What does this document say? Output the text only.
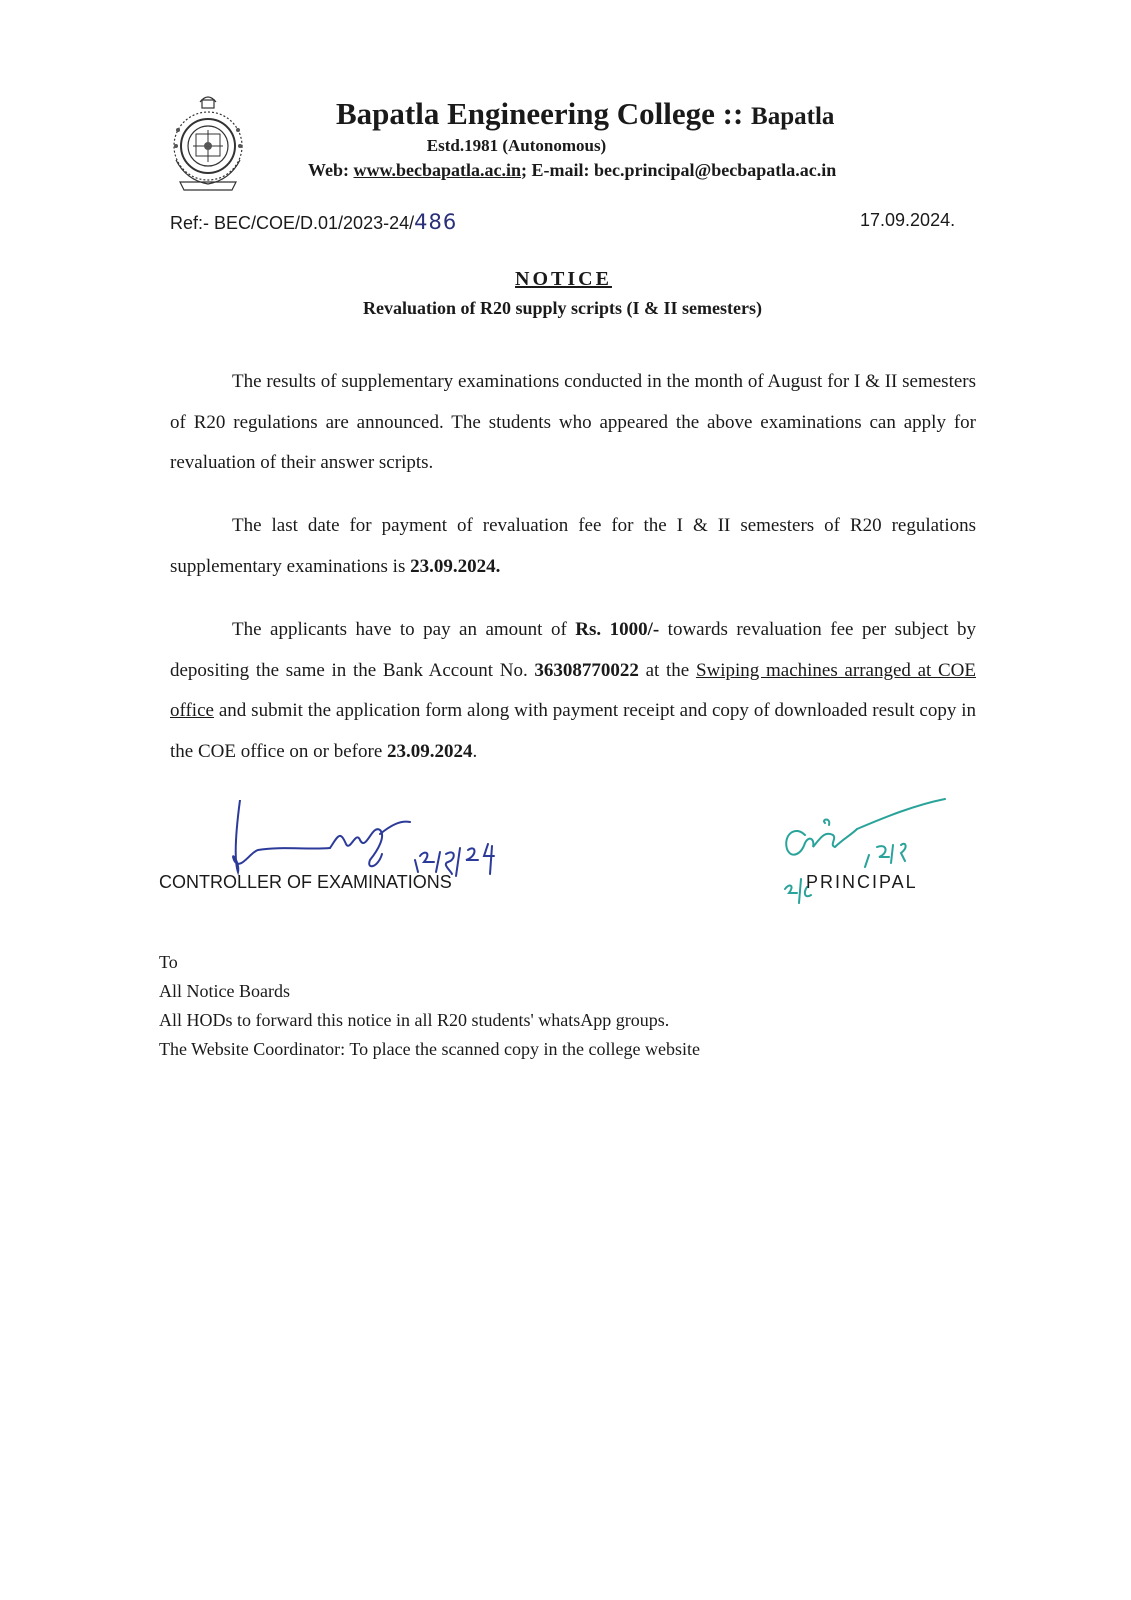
Bapatla Engineering College :: Bapatla
Estd.1981 (Autonomous)
Web: www.becbapatla.ac.in; E-mail: bec.principal@becbapatla.ac.in
Ref:- BEC/COE/D.01/2023-24/486	17.09.2024.
NOTICE
Revaluation of R20 supply scripts (I & II semesters)
The results of supplementary examinations conducted in the month of August for I & II semesters of R20 regulations are announced. The students who appeared the above examinations can apply for revaluation of their answer scripts.
The last date for payment of revaluation fee for the I & II semesters of R20 regulations supplementary examinations is 23.09.2024.
The applicants have to pay an amount of Rs. 1000/- towards revaluation fee per subject by depositing the same in the Bank Account No. 36308770022 at the Swiping machines arranged at COE office and submit the application form along with payment receipt and copy of downloaded result copy in the COE office on or before 23.09.2024.
CONTROLLER OF EXAMINATIONS	PRINCIPAL
To
All Notice Boards
All HODs to forward this notice in all R20 students' whatsApp groups.
The Website Coordinator: To place the scanned copy in the college website
